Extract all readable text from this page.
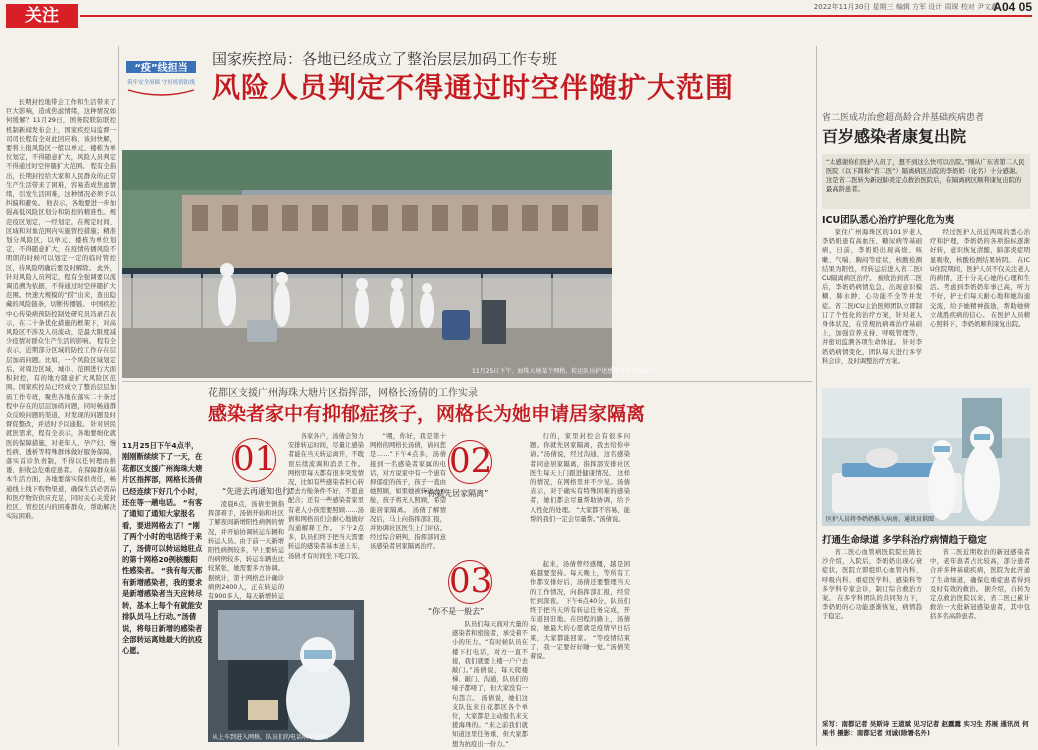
关注	2022年11月30日 星期三 编辑 方军 设计 周琛 校对 尹文鑫
A04 05

长期封控地带会工作和生活带来了巨大影响，造成焦虑情绪，这种情况如何缓解？11月29日，国务院联防联控机制新闻发布会上，国家疾控局监督一司司长程有全对此回应称，该封快解，要将上报风险区一般以单元、楼栋为单位划定，不得随意扩大，风险人员判定不得通过时空伴随扩大范围。 程有全指出，长期封控给大家和人民群众的正常生产生活带来了困难，容易造成焦虑情绪，引发生活困难，这种情况必须予以纠偏和避免。 他表示，各地要进一步加强高低风险区划分和防控的精准性。规范疫区划定，一经划定，在规定时间、区域和对象范围内实施管控措施；精准划分风险区，以单元、楼栋为单位划定，不得随意扩大，在疫情传播风险不明朗的时候可以划定一定的临时管控区，待风险明确后要及时解除。 此外，针对风险人员判定，程有全强调要以流调追溯为依据，不得通过时空伴随扩大范围。快速大规模的“捞”出来，查出隐藏的风险链条，切断传播链。 中国疾控中心传染病预防控制处研究员冯录召表示，在二十条优化措施的框架下，对高风险区不涉及人员流动，是最大限度减少疫情对群众生产生活的影响。 程有全表示，近期部分区域的防控工作存在层层加码问题。比如，一个风险区域划定后，对周边区域、城市、范围进行大面积封控，有的地方随意扩大风险区范围。国家疾控局已经成立了整治层层加码工作专班，聚焦各地在落实二十条过程中存在的层层加码问题，同时畅通群众反映问题的渠道，对发现的问题及时督促整改，并适时予以通报。 针对居民就医需求，程有全表示，各地要细化就医的保障措施，对老年人、孕产妇、慢性病、透析等特殊群体做好服务保障，落实首诊负责制，不得以任何理由推诿、拒收急危重症患者。 在保障群众基本生活方面，各地要落实保供责任，畅通线上线下购物渠道，确保生活必需品和医疗物资供应充足，同时关心关爱封控区、管控区内的困难群众，帮助解决实际困难。

“疫”线担当
筑牢安全屏障 守好疫情防线
国家疾控局：各地已经成立了整治层层加码工作专班
风险人员判定不得通过时空伴随扩大范围
11月25日下午，海珠大塘某个网格，转运队员护送感染者去往隔离点。
省二医成功治愈超高龄合并基础疾病患者
百岁感染者康复出院
“太感谢你们医护人员了，想不到这么快可以出院。”刚从广东省第二人民医院（以下简称“省二医”）隔离病区出院的李奶奶（化名）十分感谢。这是省二医转为新冠肺炎定点救治医院后，在隔离病区顺利康复出院的最高龄患者。
ICU团队悉心治疗护理化危为夷

家住广州海珠区的101岁老人李奶奶患有高血压、糖尿病等基础病，日前，李奶奶出现高烧、咳嗽、气喘、胸闷等症状，核酸检测结果为阳性，经转运后进入省二医ICU隔离病区治疗。 被收治到省二医后，李奶奶病情危急，出现意识模糊、肺水肿、心功能不全等并发症。省二医ICU主治医师团队立即制订了个性化的治疗方案，针对老人身体状况，在常规抗病毒治疗基础上，加强营养支持、呼吸管理等，并密切监测各项生命体征。 针对李奶奶病情变化，团队每天进行多学科会诊，及时调整治疗方案。

经过医护人员近两周的悉心治疗和护理，李奶奶的各项指标逐渐好转，意识恢复清醒，肺部炎症明显吸收，核酸检测结果转阴。 在ICU住院期间，医护人员不仅关注老人的病情，还十分关心她的心理和生活。考虑到李奶奶年事已高，听力不好，护士们每天耐心地和她沟通交流，给予她精神鼓励，帮助她树立战胜疾病的信心。 在医护人员精心照料下，李奶奶顺利康复出院。

医护人员将李奶奶推入病房。通讯员供图
打通生命绿道 多学科治疗病情趋于稳定

省二医心血管病医院院长陈长沙介绍，入院后，李奶奶出现心衰症状，医院立即组织心血管内科、呼吸内科、重症医学科、感染科等多学科专家会诊，制订综合救治方案。 在多学科团队的共同努力下，李奶奶的心功能逐渐恢复，病情趋于稳定。

省二医近期收治的新冠感染者中，老年患者占比较高，部分患者合并多种基础疾病，医院为此开通了生命绿道，确保危重症患者得到及时有效的救治。 据介绍，自转为定点救治医院以来，省二医已累计救治一大批新冠感染患者，其中包括多名高龄患者。

采写：南都记者 吴斯诗 王道斌 见习记者 赵露露 实习生 苏展 通讯员 何果书 摄影：南都记者 刘诚(除署名外)
花都区支援广州海珠大塘片区指挥部，网格长汤倩的工作实录
感染者家中有抑郁症孩子，网格长为她申请居家隔离
11月25日下午4点半，刚刚断续续下了一天，在花都区支援广州海珠大塘片区指挥部，网格长汤倩已经连续下好几个小时，还在等一趟电话。 “有客了通知了通知大家报名看，要进网格去了！”刚了两个小时的电话终于来了，汤倩可以转运她驻点的第十网格20例核酸阳性感染者。 “我有每天都有新增感染者，我的要求是新增感染者当天应转尽转，基本上每个有就能安排队员马上行动。”汤倩说，将每日新增的感染者全部转运离她最大的抗疫心愿。
01
“先进去再通知也行”

凌晨6点，汤倩坐镇指挥部着手，汤倩开始和社区了解夜间新增阳性病例的情况，并开始协调转运车辆和转运人员。由于前一天新增阳性病例较多，早上要转运的病例较多，转运车辆也比较紧张，她需要多方协调。 据统计，第十网格总计确诊病例2400人，正在转运的有900多人，每天新增转运

各家各户，汤倩会努力安排转运时间，尽量让感染者能在当天转运离开，不耽误后续流调和消杀工作。 网格里每天都有很多突发情况，比如有些感染者担心转运去方舱条件不好，不愿意配合；还有一些感染者家里有老人小孩需要照顾……汤倩和网格员们会耐心地做好沟通解释工作。 下午2点多，队员们终于把当天需要转运的感染者基本送上车，汤倩才有时间坐下吃口饭。

从上车到进入网格，队员们的电话响个不停。
02
“你就先居家隔离”

“喂，你好，我是第十网格的网格长汤倩，请问您是……”下午4点多，汤倩接到一名感染者家属的电话，对方说家中有一个患有抑郁症的孩子，孩子一直由她照顾，如果她被转运去方舱，孩子将无人照顾，希望能居家隔离。 汤倩了解情况后，马上向指挥部汇报，并协调社区医生上门评估。经过综合研判，指挥部同意该感染者居家隔离治疗。

行的，家里封控会有很多问题。你就先居家隔离，我去给你申请。”汤倩说，经过沟通，这名感染者同意居家隔离，指挥部安排社区医生每天上门跟进健康情况。 这样的情况，在网格里并不少见。汤倩表示，对于确实有特殊困难的感染者，她们都会尽量帮助协调，给予人性化的处理。 “大家都不容易，能帮的我们一定会尽量帮。”汤倩说。

03
“你不是一般去”

队员们每天面对大量的感染者和密接者，承受着不小的压力。“有时候队员在楼下打电话，对方一直不接，我们就要上楼一户户去敲门。”汤倩说，每天爬楼梯、敲门、沟通，队员们的嗓子都哑了，但大家没有一句怨言。 汤倩说，她们这支队伍来自花都区各个单位，大家都是主动报名来支援海珠的。“来之前我们就知道这里任务重，但大家都想为抗疫出一份力。”

起来，汤倩曾经感慨，越是困难越要坚持。每天晚上，等所有工作都安排好后，汤倩还要整理当天的工作情况，向指挥部汇报，经常忙到深夜。 下午6点40分，队员们终于把当天所有转运任务完成，开车返回驻地。在回程的路上，汤倩说，她最大的心愿就是疫情早日结束，大家都能回家。 “等疫情结束了，我一定要好好睡一觉。”汤倩笑着说。
